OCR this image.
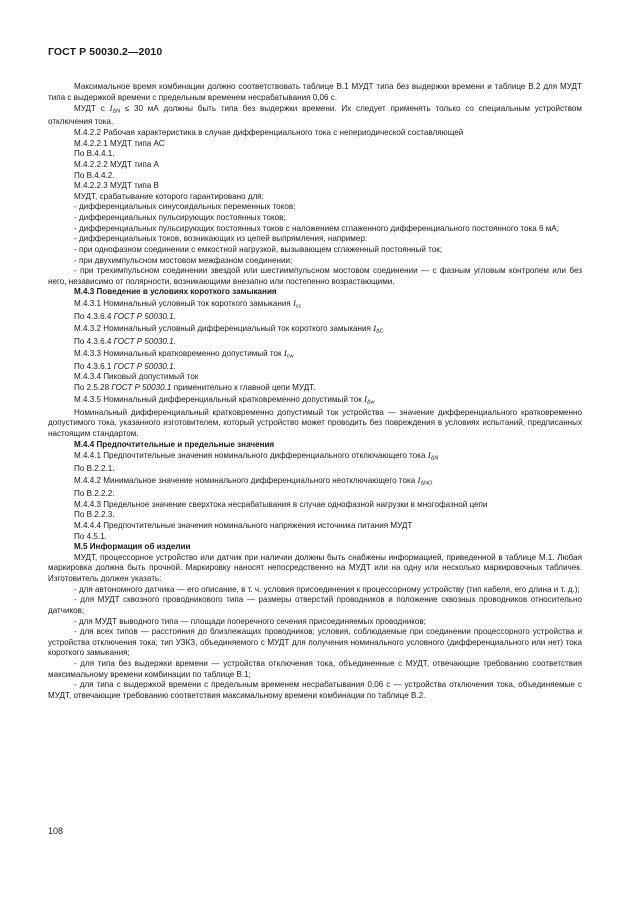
ГОСТ Р 50030.2—2010

Максимальное время комбинации должно соответствовать таблице В.1 МУДТ типа без выдержки времени и таблице В.2 для МУДТ типа с выдержкой времени с предельным временем несрабатывания 0,06 с.

МУДТ с $I_{\Delta N} \le 30$ мА должны быть типа без выдержки времени. Их следует применять только со специальным устройством отключения тока.

М.4.2.2 Рабочая характеристика в случае дифференциального тока с непериодической составляющей

М.4.2.2.1 МУДТ типа АС

По В.4.4.1.

М.4.2.2.2 МУДТ типа А

По В.4.4.2.

М.4.2.2.3 МУДТ типа В

МУДТ, срабатывание которого гарантировано для:

- дифференциальных синусоидальных переменных токов;

- дифференциальных пульсирующих постоянных токов;

- дифференциальных пульсирующих постоянных токов с наложением сглаженного дифференциального постоянного тока 6 мА;

- дифференциальных токов, возникающих из цепей выпрямления, например:

- при однофазном соединении с емкостной нагрузкой, вызывающем сглаженный постоянный ток;

- при двухимпульсном мостовом межфазном соединении;

- при трехимпульсном соединении звездой или шестиимпульсном мостовом соединении — с фазным угловым контролем или без него, независимо от полярности, возникающими внезапно или постепенно возрастающими.

М.4.3 Поведение в условиях короткого замыкания

М.4.3.1 Номинальный условный ток короткого замыкания $I_{cc}$

По 4.3.6.4 ГОСТ Р 50030.1.

М.4.3.2 Номинальный условный дифференциальный ток короткого замыкания $I_{\Delta C}$

По 4.3.6.4 ГОСТ Р 50030.1.

М.4.3.3 Номинальный кратковременно допустимый ток $I_{cw}$

По 4.3.6.1 ГОСТ Р 50030.1.

М.4.3.4 Пиковый допустимый ток

По 2.5.28 ГОСТ Р 50030.1 применительно к главной цепи МУДТ.

М.4.3.5 Номинальный дифференциальный кратковременно допустимый ток $I_{\Delta w}$

Номинальный дифференциальный кратковременно допустимый ток устройства — значение дифференциального кратковременно допустимого тока, указанного изготовителем, который устройство может проводить без повреждения в условиях испытаний, предписанных настоящим стандартом.

М.4.4 Предпочтительные и предельные значения

М.4.4.1 Предпочтительные значения номинального дифференциального отключающего тока $I_{\Delta N}$

По В.2.2.1.

М.4.4.2 Минимальное значение номинального дифференциального неотключающего тока $I_{\Delta NO}$

По В.2.2.2.

М.4.4.3 Предельное значение сверхтока несрабатывания в случае однофазной нагрузки в многофазной цепи

По В.2.2.3.

М.4.4.4 Предпочтительные значения номинального напряжения источника питания МУДТ

По 4.5.1.

М.5 Информация об изделии

МУДТ, процессорное устройство или датчик при наличии должны быть снабжены информацией, приведенной в таблице М.1. Любая маркировка должна быть прочной. Маркировку наносят непосредственно на МУДТ или на одну или несколько маркировочных табличек. Изготовитель должен указать:

- для автономного датчика — его описание, в т. ч. условия присоединения к процессорному устройству (тип кабеля, его длина и т. д.);

- для МУДТ сквозного проводникового типа — размеры отверстий проводников и положение сквозных проводников относительно датчиков;

- для МУДТ выводного типа — площади поперечного сечения присоединяемых проводников;

- для всех типов — расстояния до близлежащих проводников; условия, соблюдаемые при соединении процессорного устройства и устройства отключения тока; тип УЗКЗ, объединяемого с МУДТ для получения номинального условного (дифференциального или нет) тока короткого замыкания;

- для типа без выдержки времени — устройства отключения тока, объединенные с МУДТ, отвечающие требованию соответствия максимальному времени комбинации по таблице В.1;

- для типа с выдержкой времени с предельным временем несрабатывания 0,06 с — устройства отключения тока, объединяемые с МУДТ, отвечающие требованию соответствия максимальному времени комбинации по таблице В.2.

108
